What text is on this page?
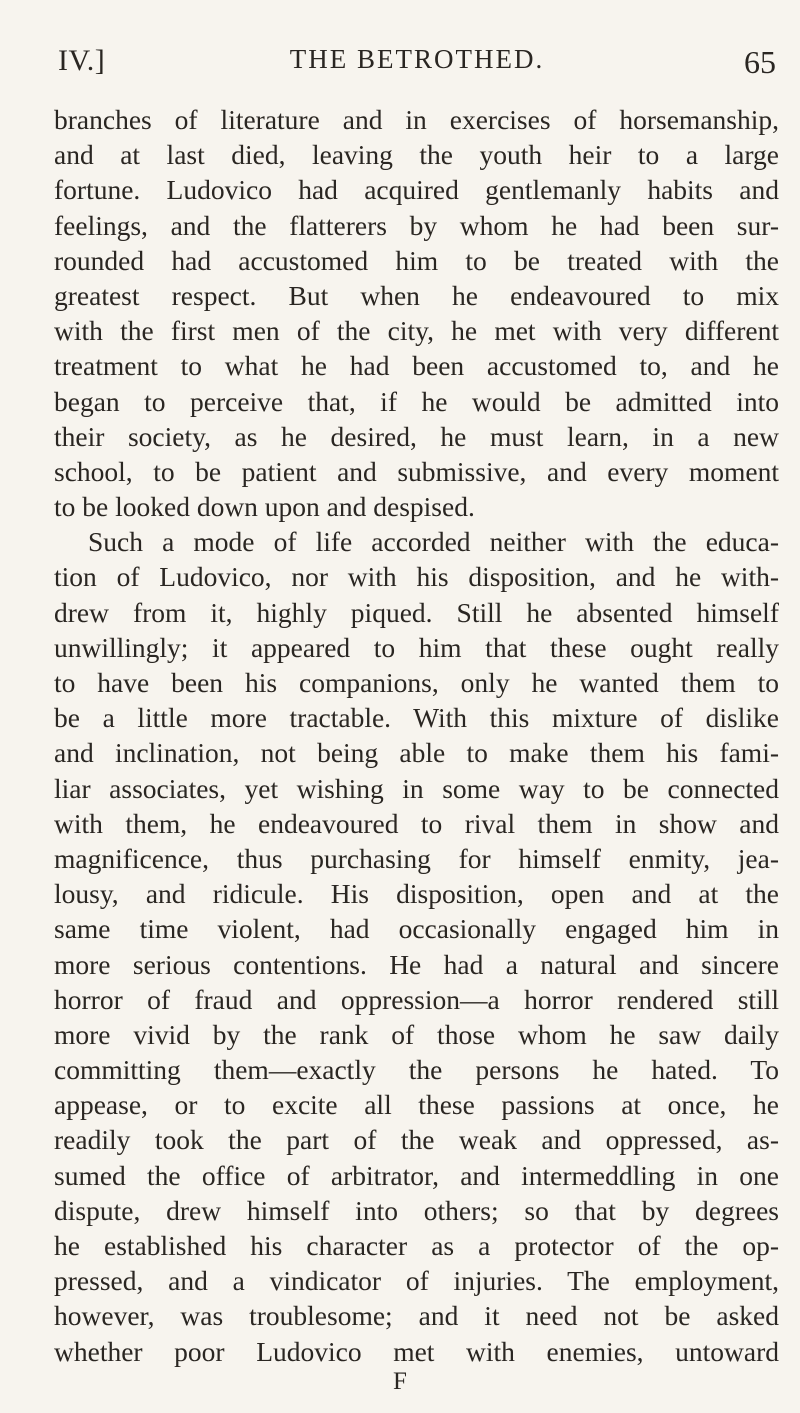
IV.]	THE BETROTHED.	65
branches of literature and in exercises of horsemanship,
and at last died, leaving the youth heir to a large
fortune. Ludovico had acquired gentlemanly habits and
feelings, and the flatterers by whom he had been sur-
rounded had accustomed him to be treated with the
greatest respect. But when he endeavoured to mix
with the first men of the city, he met with very different
treatment to what he had been accustomed to, and he
began to perceive that, if he would be admitted into
their society, as he desired, he must learn, in a new
school, to be patient and submissive, and every moment
to be looked down upon and despised.
Such a mode of life accorded neither with the educa-
tion of Ludovico, nor with his disposition, and he with-
drew from it, highly piqued. Still he absented himself
unwillingly; it appeared to him that these ought really
to have been his companions, only he wanted them to
be a little more tractable. With this mixture of dislike
and inclination, not being able to make them his fami-
liar associates, yet wishing in some way to be connected
with them, he endeavoured to rival them in show and
magnificence, thus purchasing for himself enmity, jea-
lousy, and ridicule. His disposition, open and at the
same time violent, had occasionally engaged him in
more serious contentions. He had a natural and sincere
horror of fraud and oppression—a horror rendered still
more vivid by the rank of those whom he saw daily
committing them—exactly the persons he hated. To
appease, or to excite all these passions at once, he
readily took the part of the weak and oppressed, as-
sumed the office of arbitrator, and intermeddling in one
dispute, drew himself into others; so that by degrees
he established his character as a protector of the op-
pressed, and a vindicator of injuries. The employment,
however, was troublesome; and it need not be asked
whether poor Ludovico met with enemies, untoward
F
